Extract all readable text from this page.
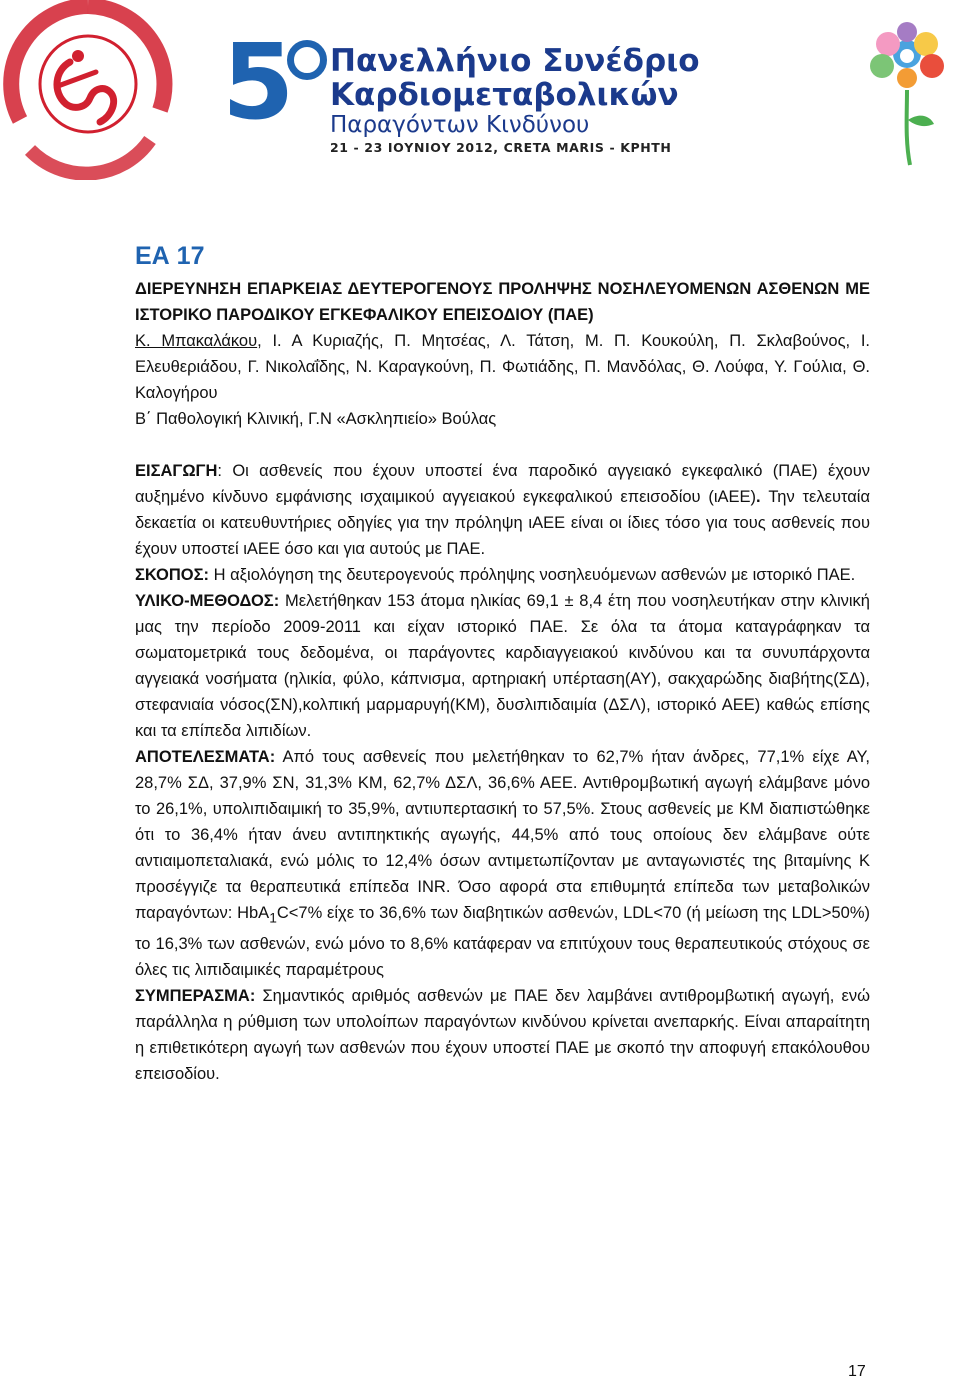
5 Πανελλήνιο Συνέδριο
Καρδιομεταβολικών
Παραγόντων Κινδύνου
21 - 23 ΙΟΥΝΙΟΥ 2012, CRETA MARIS - ΚΡΗΤΗ
ΕΑ 17

ΔΙΕΡΕΥΝΗΣΗ ΕΠΑΡΚΕΙΑΣ ΔΕΥΤΕΡΟΓΕΝΟΥΣ ΠΡΟΛΗΨΗΣ ΝΟΣΗΛΕΥΟΜΕΝΩΝ ΑΣΘΕΝΩΝ ΜΕ ΙΣΤΟΡΙΚΟ ΠΑΡΟΔΙΚΟΥ ΕΓΚΕΦΑΛΙΚΟΥ ΕΠΕΙΣΟΔΙΟΥ (ΠΑΕ)

Κ. Μπακαλάκου, Ι. Α Κυριαζής, Π. Μητσέας, Λ. Τάτση, Μ. Π. Κουκούλη, Π. Σκλαβούνος, Ι. Ελευθεριάδου, Γ. Νικολαΐδης, Ν. Καραγκούνη, Π. Φωτιάδης, Π. Μανδόλας, Θ. Λούφα, Υ. Γούλια, Θ. Καλογήρου

Β΄ Παθολογική Κλινική, Γ.Ν «Ασκληπιείο» Βούλας

ΕΙΣΑΓΩΓΗ: Οι ασθενείς που έχουν υποστεί ένα παροδικό αγγειακό εγκεφαλικό (ΠΑΕ) έχουν αυξημένο κίνδυνο εμφάνισης ισχαιμικού αγγειακού εγκεφαλικού επεισοδίου (ιΑΕΕ). Την τελευταία δεκαετία οι κατευθυντήριες οδηγίες για την πρόληψη ιΑΕΕ είναι οι ίδιες τόσο για τους ασθενείς που έχουν υποστεί ιΑΕΕ όσο και για αυτούς με ΠΑΕ.

ΣΚΟΠΟΣ: Η αξιολόγηση της δευτερογενούς πρόληψης νοσηλευόμενων ασθενών με ιστορικό ΠΑΕ.

ΥΛΙΚΟ-ΜΕΘΟΔΟΣ: Μελετήθηκαν 153 άτομα ηλικίας 69,1 ± 8,4 έτη που νοσηλευτήκαν στην κλινική μας την περίοδο 2009-2011 και είχαν ιστορικό ΠΑΕ. Σε όλα τα άτομα καταγράφηκαν τα σωματομετρικά τους δεδομένα, οι παράγοντες καρδιαγγειακού κινδύνου και τα συνυπάρχοντα αγγειακά νοσήματα (ηλικία, φύλο, κάπνισμα, αρτηριακή υπέρταση(ΑΥ), σακχαρώδης διαβήτης(ΣΔ), στεφανιαία νόσος(ΣΝ),κολπική μαρμαρυγή(ΚΜ), δυσλιπιδαιμία (ΔΣΛ), ιστορικό ΑΕΕ) καθώς επίσης και τα επίπεδα λιπιδίων.

ΑΠΟΤΕΛΕΣΜΑΤΑ: Από τους ασθενείς που μελετήθηκαν το 62,7% ήταν άνδρες, 77,1% είχε ΑΥ, 28,7% ΣΔ, 37,9% ΣΝ, 31,3% ΚΜ, 62,7% ΔΣΛ, 36,6% ΑΕΕ. Αντιθρομβωτική αγωγή ελάμβανε μόνο το 26,1%, υπολιπιδαιμική το 35,9%, αντιυπερτασική το 57,5%. Στους ασθενείς με ΚΜ διαπιστώθηκε ότι το 36,4% ήταν άνευ αντιπηκτικής αγωγής, 44,5% από τους οποίους δεν ελάμβανε ούτε αντιαιμοπεταλιακά, ενώ μόλις το 12,4% όσων αντιμετωπίζονταν με ανταγωνιστές της βιταμίνης Κ προσέγγιζε τα θεραπευτικά επίπεδα INR. Όσο αφορά στα επιθυμητά επίπεδα των μεταβολικών παραγόντων: HbA$_1$C<7% είχε το 36,6% των διαβητικών ασθενών, LDL<70 (ή μείωση της LDL>50%) το 16,3% των ασθενών, ενώ μόνο το 8,6% κατάφεραν να επιτύχουν τους θεραπευτικούς στόχους σε όλες τις λιπιδαιμικές παραμέτρους

ΣΥΜΠΕΡΑΣΜΑ: Σημαντικός αριθμός ασθενών με ΠΑΕ δεν λαμβάνει αντιθρομβωτική αγωγή, ενώ παράλληλα η ρύθμιση των υπολοίπων παραγόντων κινδύνου κρίνεται ανεπαρκής. Είναι απαραίτητη η επιθετικότερη αγωγή των ασθενών που έχουν υποστεί ΠΑΕ με σκοπό την αποφυγή επακόλουθου επεισοδίου.

17
